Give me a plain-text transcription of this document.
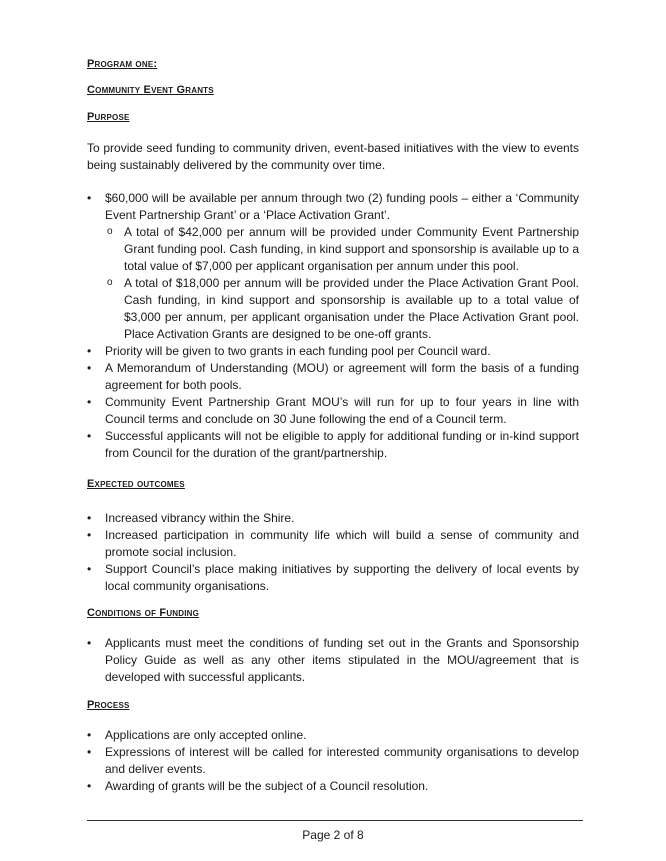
Program one:
Community Event Grants
Purpose
To provide seed funding to community driven, event-based initiatives with the view to events being sustainably delivered by the community over time.
• $60,000 will be available per annum through two (2) funding pools – either a ‘Community Event Partnership Grant’ or a ‘Place Activation Grant’.
o A total of $42,000 per annum will be provided under Community Event Partnership Grant funding pool. Cash funding, in kind support and sponsorship is available up to a total value of $7,000 per applicant organisation per annum under this pool.
o A total of $18,000 per annum will be provided under the Place Activation Grant Pool. Cash funding, in kind support and sponsorship is available up to a total value of $3,000 per annum, per applicant organisation under the Place Activation Grant pool. Place Activation Grants are designed to be one-off grants.
• Priority will be given to two grants in each funding pool per Council ward.
• A Memorandum of Understanding (MOU) or agreement will form the basis of a funding agreement for both pools.
• Community Event Partnership Grant MOU’s will run for up to four years in line with Council terms and conclude on 30 June following the end of a Council term.
• Successful applicants will not be eligible to apply for additional funding or in-kind support from Council for the duration of the grant/partnership.
Expected outcomes
• Increased vibrancy within the Shire.
• Increased participation in community life which will build a sense of community and promote social inclusion.
• Support Council’s place making initiatives by supporting the delivery of local events by local community organisations.
Conditions of Funding
• Applicants must meet the conditions of funding set out in the Grants and Sponsorship Policy Guide as well as any other items stipulated in the MOU/agreement that is developed with successful applicants.
Process
• Applications are only accepted online.
• Expressions of interest will be called for interested community organisations to develop and deliver events.
• Awarding of grants will be the subject of a Council resolution.
Page 2 of 8
